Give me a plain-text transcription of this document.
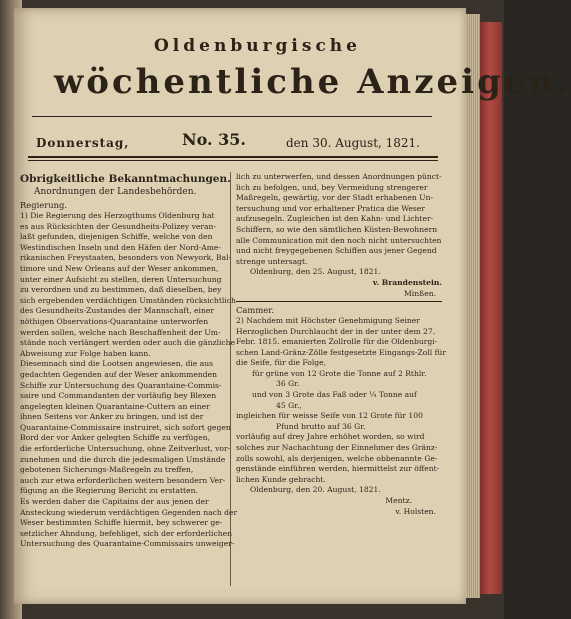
Oldenburgische
wöchentliche Anzeigen.
Donnerstag,	No. 35.	den 30. August, 1821.
Obrigkeitliche Bekanntmachungen.
Anordnungen der Landesbehörden.
Regierung.
1) Die Regierung des Herzogthums Oldenburg hat
es aus Rücksichten der Gesundheits-Polizey veran-
laßt gefunden, diejenigen Schiffe, welche von den
Westindischen Inseln und den Häfen der Nord-Ame-
rikanischen Freystaaten, besonders von Newyork, Bal-
timore und New Orleans auf der Weser ankommen,
unter einer Aufsicht zu stellen, deren Untersuchung
zu verordnen und zu bestimmen, daß dieselben, bey
sich ergebenden verdächtigen Umständen rücksichtlich
des Gesundheits-Zustandes der Mannschaft, einer
nöthigen Observations-Quarantaine unterworfen
werden sollen, welche nach Beschaffenheit der Um-
stände noch verlängert werden oder auch die gänzliche
Abweisung zur Folge haben kann.
Diesemnach sind die Lootsen angewiesen, die aus
gedachten Gegenden auf der Weser ankommenden
Schiffe zur Untersuchung des Quarantaine-Commis-
saire und Commandanten der vorläufig bey Blexen
angelegten kleinen Quarantaine-Cutters an einer
ihnen Seitens vor Anker zu bringen, und ist der
Quarantaine-Commissaire instruiret, sich sofort gegen
Bord der vor Anker gelegten Schiffe zu verfügen,
die erforderliche Untersuchung, ohne Zeitverlust, vor-
zunehmen und die durch die jedesmaligen Umstände
gebotenen Sicherungs-Maßregeln zu treffen,
auch zur etwa erforderlichen weitern besondern Ver-
fügung an die Regierung Bericht zu erstatten.
Es werden daher die Capitains der aus jenen der
Ansteckung wiederum verdächtigen Gegenden nach der
Weser bestimmten Schiffe hiermit, bey schwerer ge-
setzlicher Ahndung, befehliget, sich der erforderlichen
Untersuchung des Quarantaine-Commissairs unweiger-
lich zu unterwerfen, und dessen Anordnungen pünct-
lich zu befolgen, und, bey Vermeidung strengerer
Maßregeln, gewärtig, vor der Stadt erhabenen Un-
tersuchung und vor erhaltener Pratica die Weser
aufzusegeln. Zugleichen ist den Kahn- und Lichter-
Schiffern, so wie den sämtlichen Küsten-Bewohnern
alle Communication mit den noch nicht untersuchten
und nicht freygegebenen Schiffen aus jener Gegend
strenge untersagt.
Oldenburg, den 25. August, 1821.
v. Brandenstein.
Minßen.
Cammer.
2) Nachdem mit Höchster Genehmigung Seiner
Herzoglichen Durchlaucht der in der unter dem 27.
Febr. 1815. emanierten Zollrolle für die Oldenburgi-
schen Land-Gränz-Zölle festgesetzte Eingangs-Zoll für
die Seife, für die Folge,
für grüne von 12 Grote die Tonne auf 2 Rthlr.
36 Gr.
und von 3 Grote das Faß oder ¼ Tonne auf
45 Gr.,
ingleichen für weisse Seife von 12 Grote für 100
Pfund brutto auf 36 Gr.
vorläufig auf drey Jahre erhöhet worden, so wird
solches zur Nachachtung der Einnehmer des Gränz-
zolls sowohl, als derjenigen, welche obbenannte Ge-
genstände einführen werden, hiermittelst zur öffent-
lichen Kunde gebracht.
Oldenburg, den 20. August, 1821.
Mentz.
v. Holsten.
